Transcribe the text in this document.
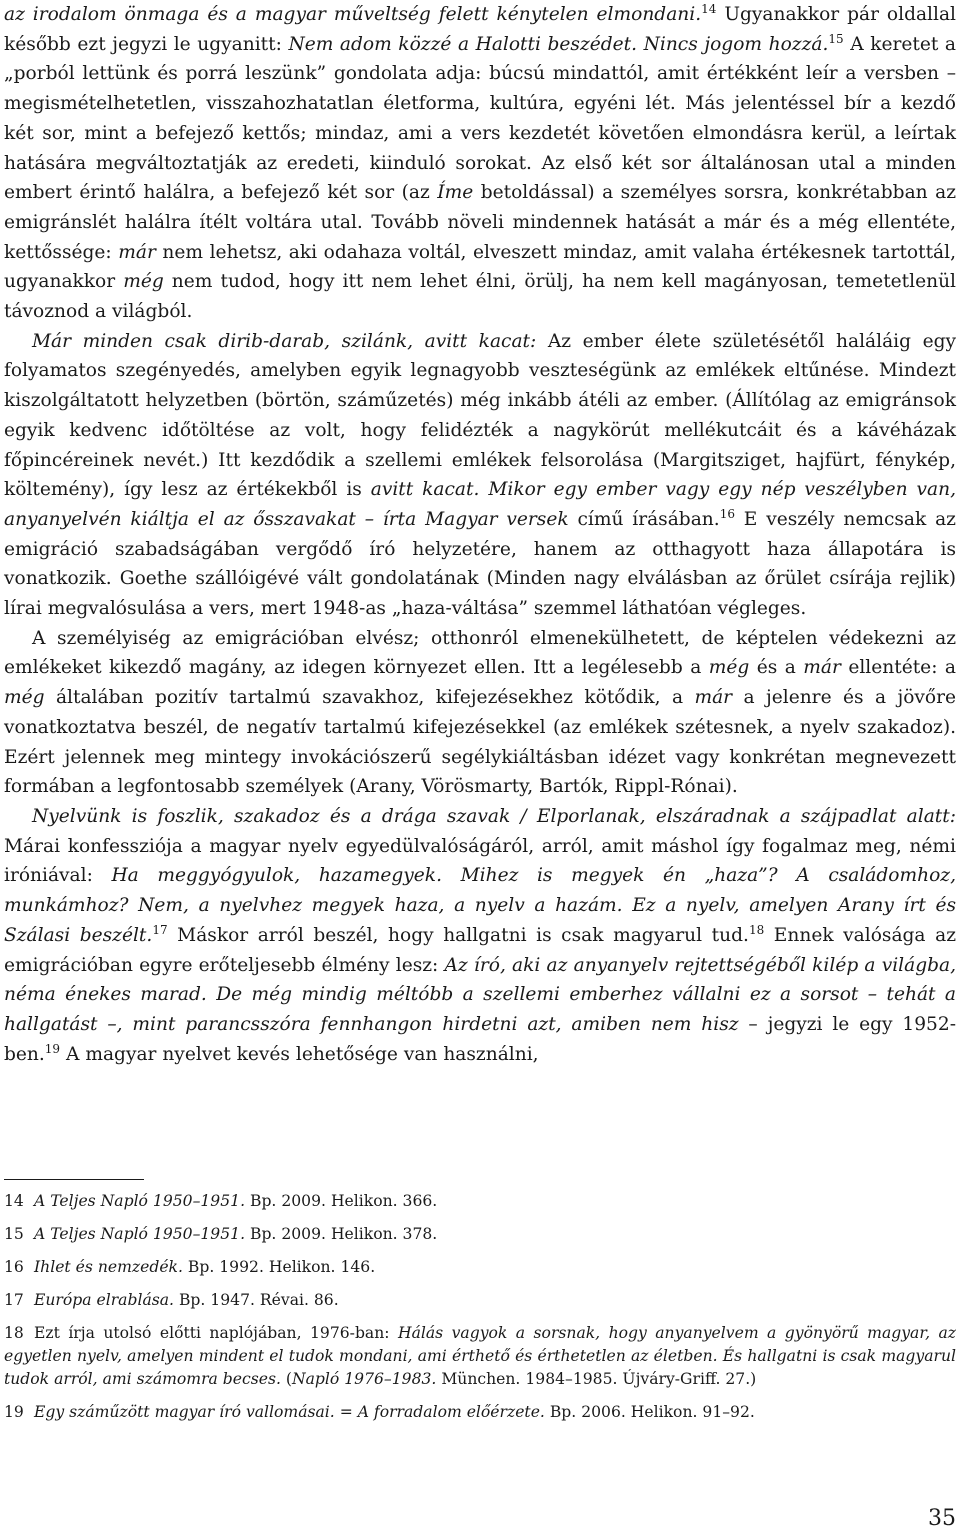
az irodalom önmaga és a magyar műveltség felett kénytelen elmondani.$^{14}$ Ugyanakkor pár oldallal később ezt jegyzi le ugyanitt: Nem adom közzé a Halotti beszédet. Nincs jogom hozzá.$^{15}$ A keretet a „porból lettünk és porrá leszünk” gondolata adja: búcsú mindattól, amit értékként leír a versben – megismételhetetlen, visszahozhatatlan életforma, kultúra, egyéni lét. Más jelentéssel bír a kezdő két sor, mint a befejező kettős; mindaz, ami a vers kezdetét követően elmondásra kerül, a leírtak hatására megváltoztatják az eredeti, kiinduló sorokat. Az első két sor általánosan utal a minden embert érintő halálra, a befejező két sor (az Íme betoldással) a személyes sorsra, konkrétabban az emigránslét halálra ítélt voltára utal. Tovább növeli mindennek hatását a már és a még ellentéte, kettőssége: már nem lehetsz, aki odahaza voltál, elveszett mindaz, amit valaha értékesnek tartottál, ugyanakkor még nem tudod, hogy itt nem lehet élni, örülj, ha nem kell magányosan, temetetlenül távoznod a világból.

Már minden csak dirib-darab, szilánk, avitt kacat: Az ember élete születésétől haláláig egy folyamatos szegényedés, amelyben egyik legnagyobb veszteségünk az emlékek eltűnése. Mindezt kiszolgáltatott helyzetben (börtön, száműzetés) még inkább átéli az ember. (Állítólag az emigránsok egyik kedvenc időtöltése az volt, hogy felidézték a nagykörút mellékutcáit és a kávéházak főpincéreinek nevét.) Itt kezdődik a szellemi emlékek felsorolása (Margitsziget, hajfürt, fénykép, költemény), így lesz az értékekből is avitt kacat. Mikor egy ember vagy egy nép veszélyben van, anyanyelvén kiáltja el az ősszavakat – írta Magyar versek című írásában.$^{16}$ E veszély nemcsak az emigráció szabadságában vergődő író helyzetére, hanem az otthagyott haza állapotára is vonatkozik. Goethe szállóigévé vált gondolatának (Minden nagy elválásban az őrület csírája rejlik) lírai megvalósulása a vers, mert 1948-as „haza-váltása” szemmel láthatóan végleges.

A személyiség az emigrációban elvész; otthonról elmenekülhetett, de képtelen védekezni az emlékeket kikezdő magány, az idegen környezet ellen. Itt a legélesebb a még és a már ellentéte: a még általában pozitív tartalmú szavakhoz, kifejezésekhez kötődik, a már a jelenre és a jövőre vonatkoztatva beszél, de negatív tartalmú kifejezésekkel (az emlékek szétesnek, a nyelv szakadoz). Ezért jelennek meg mintegy invokációszerű segélykiáltásban idézet vagy konkrétan megnevezett formában a legfontosabb személyek (Arany, Vörösmarty, Bartók, Rippl-Rónai).

Nyelvünk is foszlik, szakadoz és a drága szavak / Elporlanak, elszáradnak a szájpadlat alatt: Márai konfessziója a magyar nyelv egyedülvalóságáról, arról, amit máshol így fogalmaz meg, némi iróniával: Ha meggyógyulok, hazamegyek. Mihez is megyek én „haza”? A családomhoz, munkámhoz? Nem, a nyelvhez megyek haza, a nyelv a hazám. Ez a nyelv, amelyen Arany írt és Szálasi beszélt.$^{17}$ Máskor arról beszél, hogy hallgatni is csak magyarul tud.$^{18}$ Ennek valósága az emigrációban egyre erőteljesebb élmény lesz: Az író, aki az anyanyelv rejtettségéből kilép a világba, néma énekes marad. De még mindig méltóbb a szellemi emberhez vállalni ez a sorsot – tehát a hallgatást –, mint parancsszóra fennhangon hirdetni azt, amiben nem hisz – jegyzi le egy 1952-ben.$^{19}$ A magyar nyelvet kevés lehetősége van használni,

14 A Teljes Napló 1950–1951. Bp. 2009. Helikon. 366.
15 A Teljes Napló 1950–1951. Bp. 2009. Helikon. 378.
16 Ihlet és nemzedék. Bp. 1992. Helikon. 146.
17 Európa elrablása. Bp. 1947. Révai. 86.
18 Ezt írja utolsó előtti naplójában, 1976-ban: Hálás vagyok a sorsnak, hogy anyanyelvem a gyönyörű magyar, az egyetlen nyelv, amelyen mindent el tudok mondani, ami érthető és érthetetlen az életben. És hallgatni is csak magyarul tudok arról, ami számomra becses. (Napló 1976–1983. München. 1984–1985. Újváry-Griff. 27.)
19 Egy száműzött magyar író vallomásai. = A forradalom előérzete. Bp. 2006. Helikon. 91–92.
35
